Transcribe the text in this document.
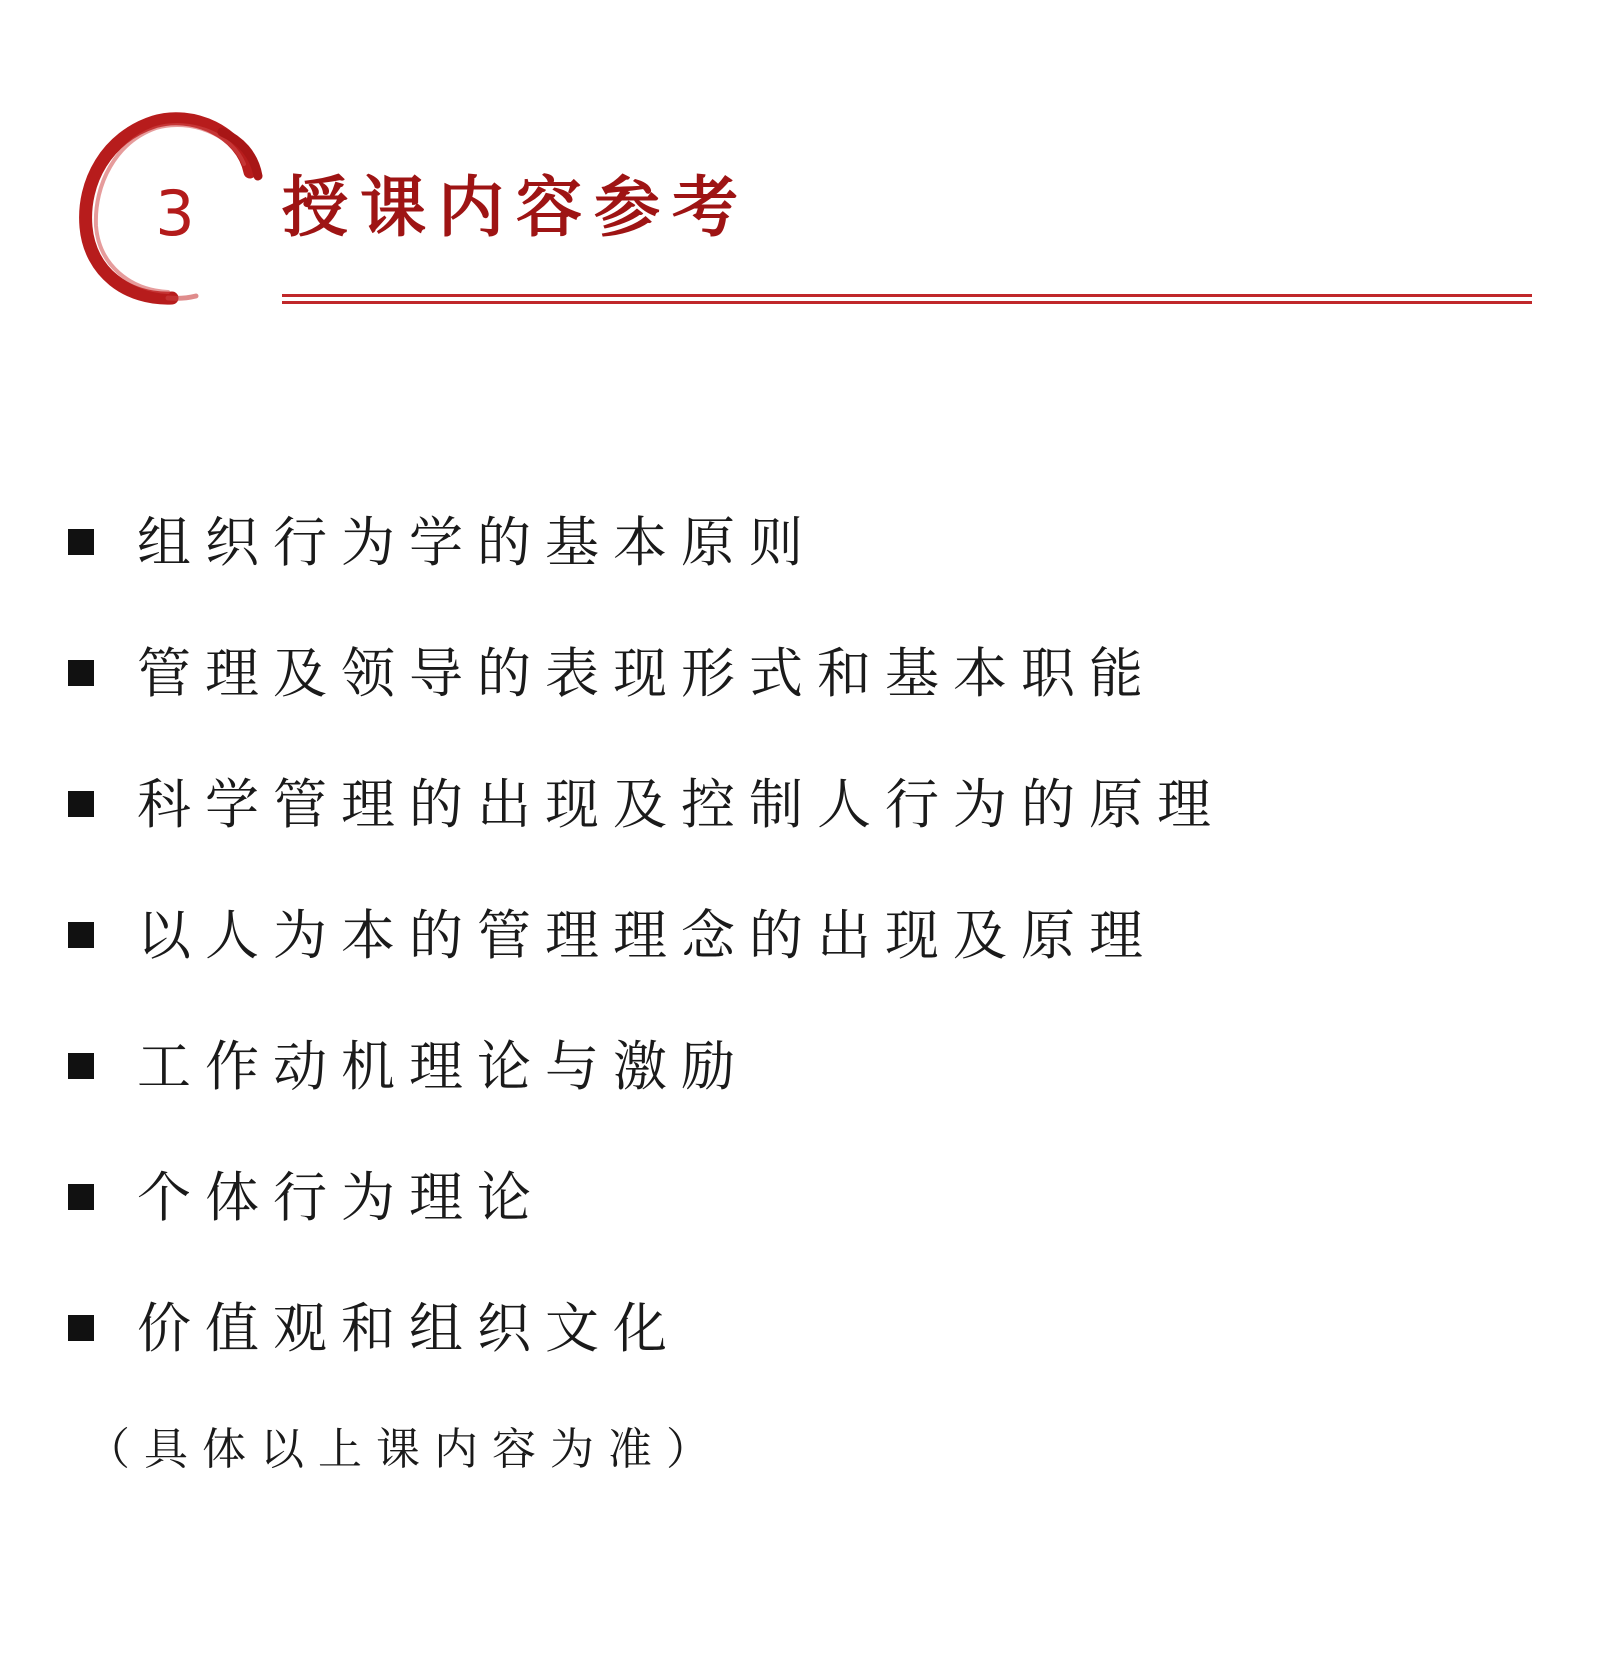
3 授课内容参考
组织行为学的基本原则
管理及领导的表现形式和基本职能
科学管理的出现及控制人行为的原理
以人为本的管理理念的出现及原理
工作动机理论与激励
个体行为理论
价值观和组织文化
（具体以上课内容为准）
